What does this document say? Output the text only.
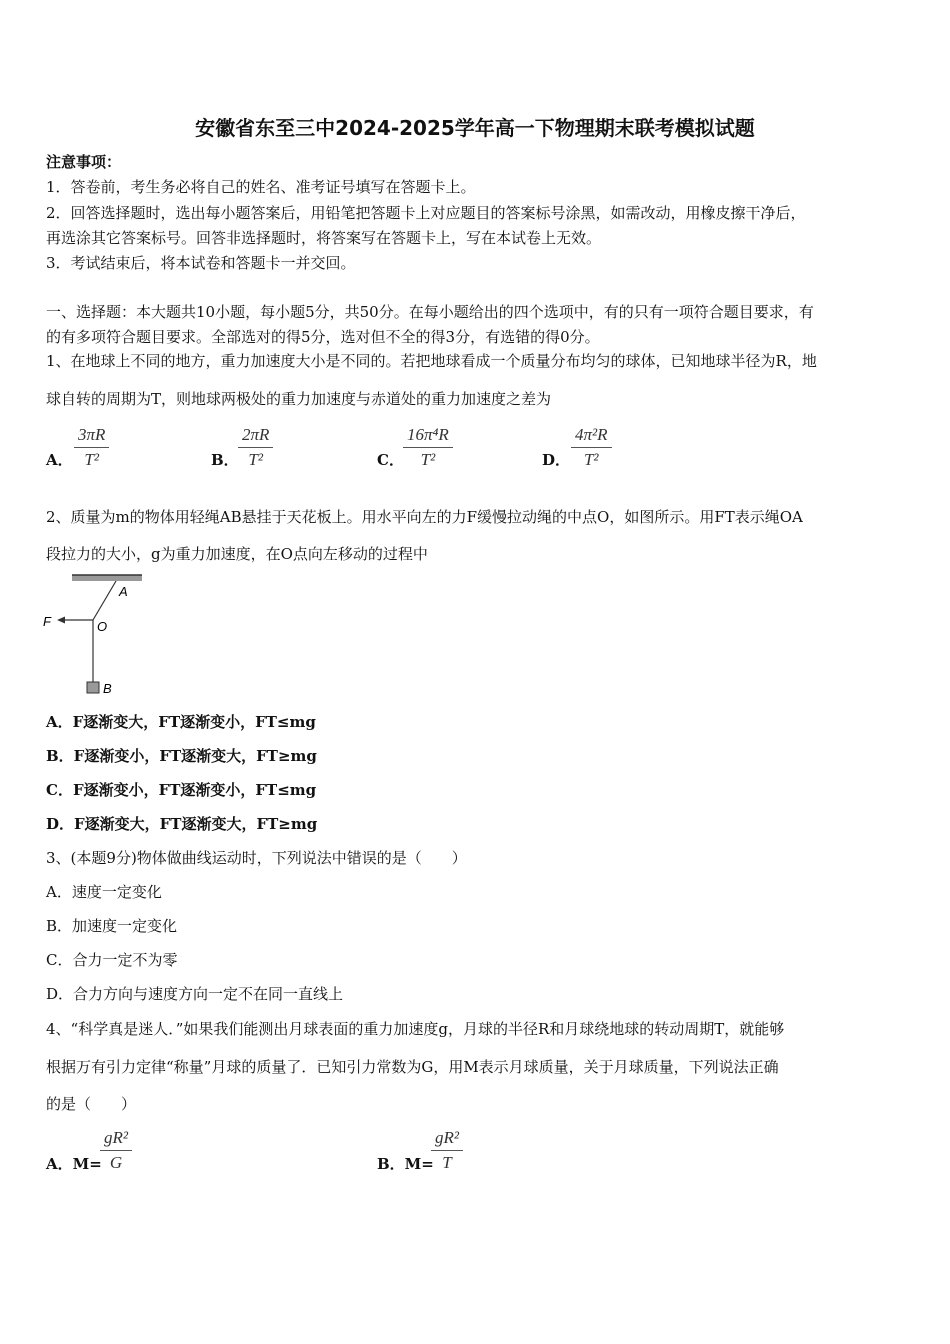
安徽省东至三中2024-2025学年高一下物理期末联考模拟试题
注意事项：
1．答卷前，考生务必将自己的姓名、准考证号填写在答题卡上。
2．回答选择题时，选出每小题答案后，用铅笔把答题卡上对应题目的答案标号涂黑，如需改动，用橡皮擦干净后，
再选涂其它答案标号。回答非选择题时，将答案写在答题卡上，写在本试卷上无效。
3．考试结束后，将本试卷和答题卡一并交回。
一、选择题：本大题共10小题，每小题5分，共50分。在每小题给出的四个选项中，有的只有一项符合题目要求，有
的有多项符合题目要求。全部选对的得5分，选对但不全的得3分，有选错的得0分。
1、在地球上不同的地方，重力加速度大小是不同的。若把地球看成一个质量分布均匀的球体，已知地球半径为R，地
球自转的周期为T，则地球两极处的重力加速度与赤道处的重力加速度之差为
A． $\frac{3\pi R}{\text{T²}}$	B． $\frac{2\pi R}{\text{T²}}$	C． $\frac{\text{16π⁴R}}{\text{T²}}$	D． $\frac{\text{4π²R}}{\text{T²}}$
2、质量为m的物体用轻绳AB悬挂于天花板上。用水平向左的力F缓慢拉动绳的中点O，如图所示。用FT表示绳OA
段拉力的大小，g为重力加速度，在O点向左移动的过程中
A
O
F
B
A．F逐渐变大，FT逐渐变小，FT≤mg
B．F逐渐变小，FT逐渐变大，FT≥mg
C．F逐渐变小，FT逐渐变小，FT≤mg
D．F逐渐变大，FT逐渐变大，FT≥mg
3、(本题9分)物体做曲线运动时，下列说法中错误的是（　　）
A．速度一定变化
B．加速度一定变化
C．合力一定不为零
D．合力方向与速度方向一定不在同一直线上
4、“科学真是迷人．”如果我们能测出月球表面的重力加速度g，月球的半径R和月球绕地球的转动周期T，就能够
根据万有引力定律“称量”月球的质量了．已知引力常数为G，用M表示月球质量，关于月球质量，下列说法正确
的是（　　）
A．M=
$\frac{\text{gR²}}{G}$	B．M=
$\frac{\text{gR²}}{T}$
